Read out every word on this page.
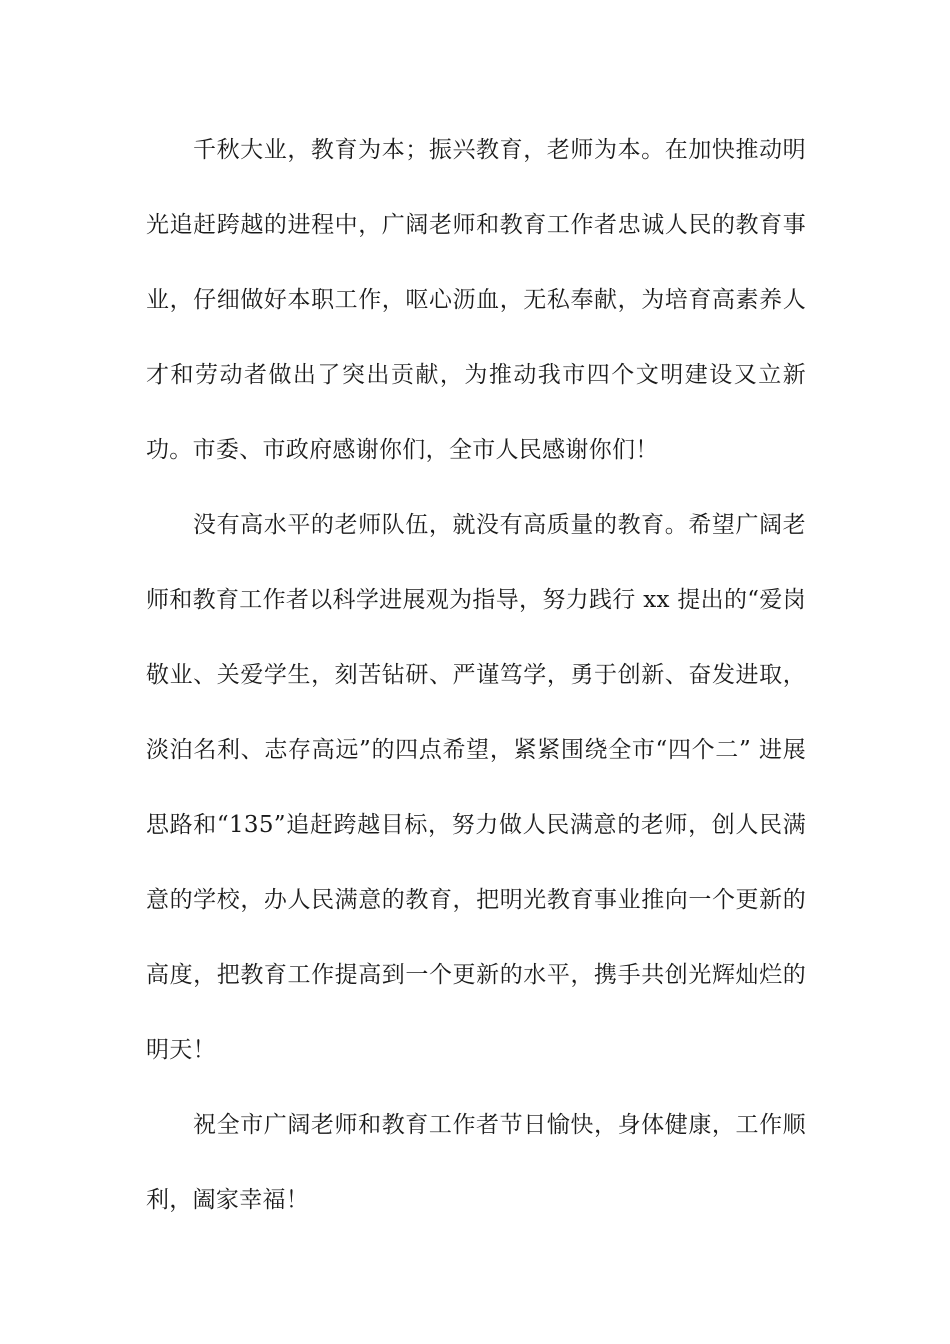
千秋大业，教育为本；振兴教育，老师为本。在加快推动明光追赶跨越的进程中，广阔老师和教育工作者忠诚人民的教育事业，仔细做好本职工作，呕心沥血，无私奉献，为培育高素养人才和劳动者做出了突出贡献，为推动我市四个文明建设又立新功。市委、市政府感谢你们，全市人民感谢你们！

没有高水平的老师队伍，就没有高质量的教育。希望广阔老师和教育工作者以科学进展观为指导，努力践行 xx 提出的“爱岗敬业、关爱学生，刻苦钻研、严谨笃学，勇于创新、奋发进取，淡泊名利、志存高远”的四点希望，紧紧围绕全市“四个二” 进展思路和“135”追赶跨越目标，努力做人民满意的老师，创人民满意的学校，办人民满意的教育，把明光教育事业推向一个更新的高度，把教育工作提高到一个更新的水平，携手共创光辉灿烂的明天！

祝全市广阔老师和教育工作者节日愉快，身体健康，工作顺利，阖家幸福！
